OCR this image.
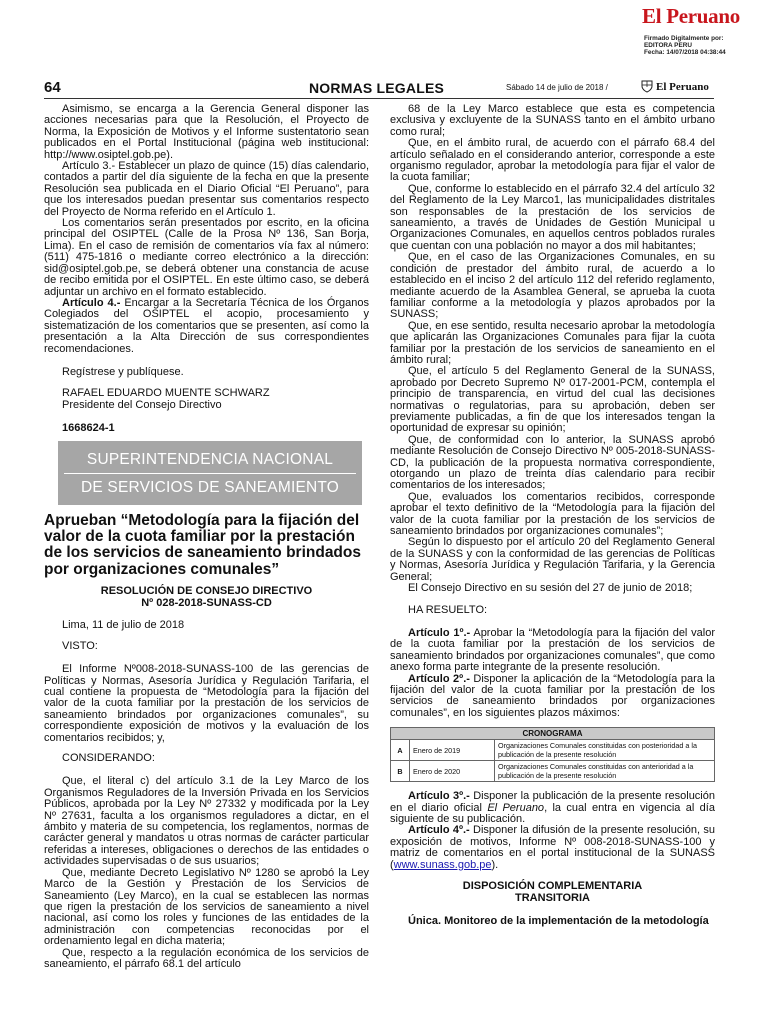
El Peruano
Firmado Digitalmente por:
EDITORA PERU
Fecha: 14/07/2018 04:38:44
64	NORMAS LEGALES	Sábado 14 de julio de 2018 /	El Peruano

Asimismo, se encarga a la Gerencia General disponer las acciones necesarias para que la Resolución, el Proyecto de Norma, la Exposición de Motivos y el Informe sustentatorio sean publicados en el Portal Institucional (página web institucional: http://www.osiptel.gob.pe).

Artículo 3.- Establecer un plazo de quince (15) días calendario, contados a partir del día siguiente de la fecha en que la presente Resolución sea publicada en el Diario Oficial “El Peruano”, para que los interesados puedan presentar sus comentarios respecto del Proyecto de Norma referido en el Artículo 1.

Los comentarios serán presentados por escrito, en la oficina principal del OSIPTEL (Calle de la Prosa Nº 136, San Borja, Lima). En el caso de remisión de comentarios vía fax al número: (511) 475-1816 o mediante correo electrónico a la dirección: sid@osiptel.gob.pe, se deberá obtener una constancia de acuse de recibo emitida por el OSIPTEL. En este último caso, se deberá adjuntar un archivo en el formato establecido.

Artículo 4.- Encargar a la Secretaría Técnica de los Órganos Colegiados del OSIPTEL el acopio, procesamiento y sistematización de los comentarios que se presenten, así como la presentación a la Alta Dirección de sus correspondientes recomendaciones.

Regístrese y publíquese.

RAFAEL EDUARDO MUENTE SCHWARZ

Presidente del Consejo Directivo

1668624-1

SUPERINTENDENCIA NACIONAL
DE SERVICIOS DE SANEAMIENTO
Aprueban “Metodología para la fijación del valor de la cuota familiar por la prestación de los servicios de saneamiento brindados por organizaciones comunales”
RESOLUCIÓN DE CONSEJO DIRECTIVO
Nº 028-2018-SUNASS-CD

Lima, 11 de julio de 2018

VISTO:

El Informe Nº008-2018-SUNASS-100 de las gerencias de Políticas y Normas, Asesoría Jurídica y Regulación Tarifaria, el cual contiene la propuesta de “Metodología para la fijación del valor de la cuota familiar por la prestación de los servicios de saneamiento brindados por organizaciones comunales”, su correspondiente exposición de motivos y la evaluación de los comentarios recibidos; y,

CONSIDERANDO:

Que, el literal c) del artículo 3.1 de la Ley Marco de los Organismos Reguladores de la Inversión Privada en los Servicios Públicos, aprobada por la Ley Nº 27332 y modificada por la Ley Nº 27631, faculta a los organismos reguladores a dictar, en el ámbito y materia de su competencia, los reglamentos, normas de carácter general y mandatos u otras normas de carácter particular referidas a intereses, obligaciones o derechos de las entidades o actividades supervisadas o de sus usuarios;

Que, mediante Decreto Legislativo Nº 1280 se aprobó la Ley Marco de la Gestión y Prestación de los Servicios de Saneamiento (Ley Marco), en la cual se establecen las normas que rigen la prestación de los servicios de saneamiento a nivel nacional, así como los roles y funciones de las entidades de la administración con competencias reconocidas por el ordenamiento legal en dicha materia;

Que, respecto a la regulación económica de los servicios de saneamiento, el párrafo 68.1 del artículo

68 de la Ley Marco establece que esta es competencia exclusiva y excluyente de la SUNASS tanto en el ámbito urbano como rural;

Que, en el ámbito rural, de acuerdo con el párrafo 68.4 del artículo señalado en el considerando anterior, corresponde a este organismo regulador, aprobar la metodología para fijar el valor de la cuota familiar;

Que, conforme lo establecido en el párrafo 32.4 del artículo 32 del Reglamento de la Ley Marco1, las municipalidades distritales son responsables de la prestación de los servicios de saneamiento, a través de Unidades de Gestión Municipal u Organizaciones Comunales, en aquellos centros poblados rurales que cuentan con una población no mayor a dos mil habitantes;

Que, en el caso de las Organizaciones Comunales, en su condición de prestador del ámbito rural, de acuerdo a lo establecido en el inciso 2 del artículo 112 del referido reglamento, mediante acuerdo de la Asamblea General, se aprueba la cuota familiar conforme a la metodología y plazos aprobados por la SUNASS;

Que, en ese sentido, resulta necesario aprobar la metodología que aplicarán las Organizaciones Comunales para fijar la cuota familiar por la prestación de los servicios de saneamiento en el ámbito rural;

Que, el artículo 5 del Reglamento General de la SUNASS, aprobado por Decreto Supremo Nº 017-2001-PCM, contempla el principio de transparencia, en virtud del cual las decisiones normativas o regulatorias, para su aprobación, deben ser previamente publicadas, a fin de que los interesados tengan la oportunidad de expresar su opinión;

Que, de conformidad con lo anterior, la SUNASS aprobó mediante Resolución de Consejo Directivo Nº 005-2018-SUNASS-CD, la publicación de la propuesta normativa correspondiente, otorgando un plazo de treinta días calendario para recibir comentarios de los interesados;

Que, evaluados los comentarios recibidos, corresponde aprobar el texto definitivo de la “Metodología para la fijación del valor de la cuota familiar por la prestación de los servicios de saneamiento brindados por organizaciones comunales”;

Según lo dispuesto por el artículo 20 del Reglamento General de la SUNASS y con la conformidad de las gerencias de Políticas y Normas, Asesoría Jurídica y Regulación Tarifaria, y la Gerencia General;

El Consejo Directivo en su sesión del 27 de junio de 2018;

HA RESUELTO:

Artículo 1º.- Aprobar la “Metodología para la fijación del valor de la cuota familiar por la prestación de los servicios de saneamiento brindados por organizaciones comunales”, que como anexo forma parte integrante de la presente resolución.

Artículo 2º.- Disponer la aplicación de la “Metodología para la fijación del valor de la cuota familiar por la prestación de los servicios de saneamiento brindados por organizaciones comunales”, en los siguientes plazos máximos:

CRONOGRAMA		
A	Enero de 2019	Organizaciones Comunales constituidas con posterioridad a la publicación de la presente resolución
B	Enero de 2020	Organizaciones Comunales constituidas con anterioridad a la publicación de la presente resolución

Artículo 3º.- Disponer la publicación de la presente resolución en el diario oficial El Peruano, la cual entra en vigencia al día siguiente de su publicación.

Artículo 4º.- Disponer la difusión de la presente resolución, su exposición de motivos, Informe Nº 008-2018-SUNASS-100 y matriz de comentarios en el portal institucional de la SUNASS (www.sunass.gob.pe).

DISPOSICIÓN COMPLEMENTARIA
TRANSITORIA

Única. Monitoreo de la implementación de la metodología
